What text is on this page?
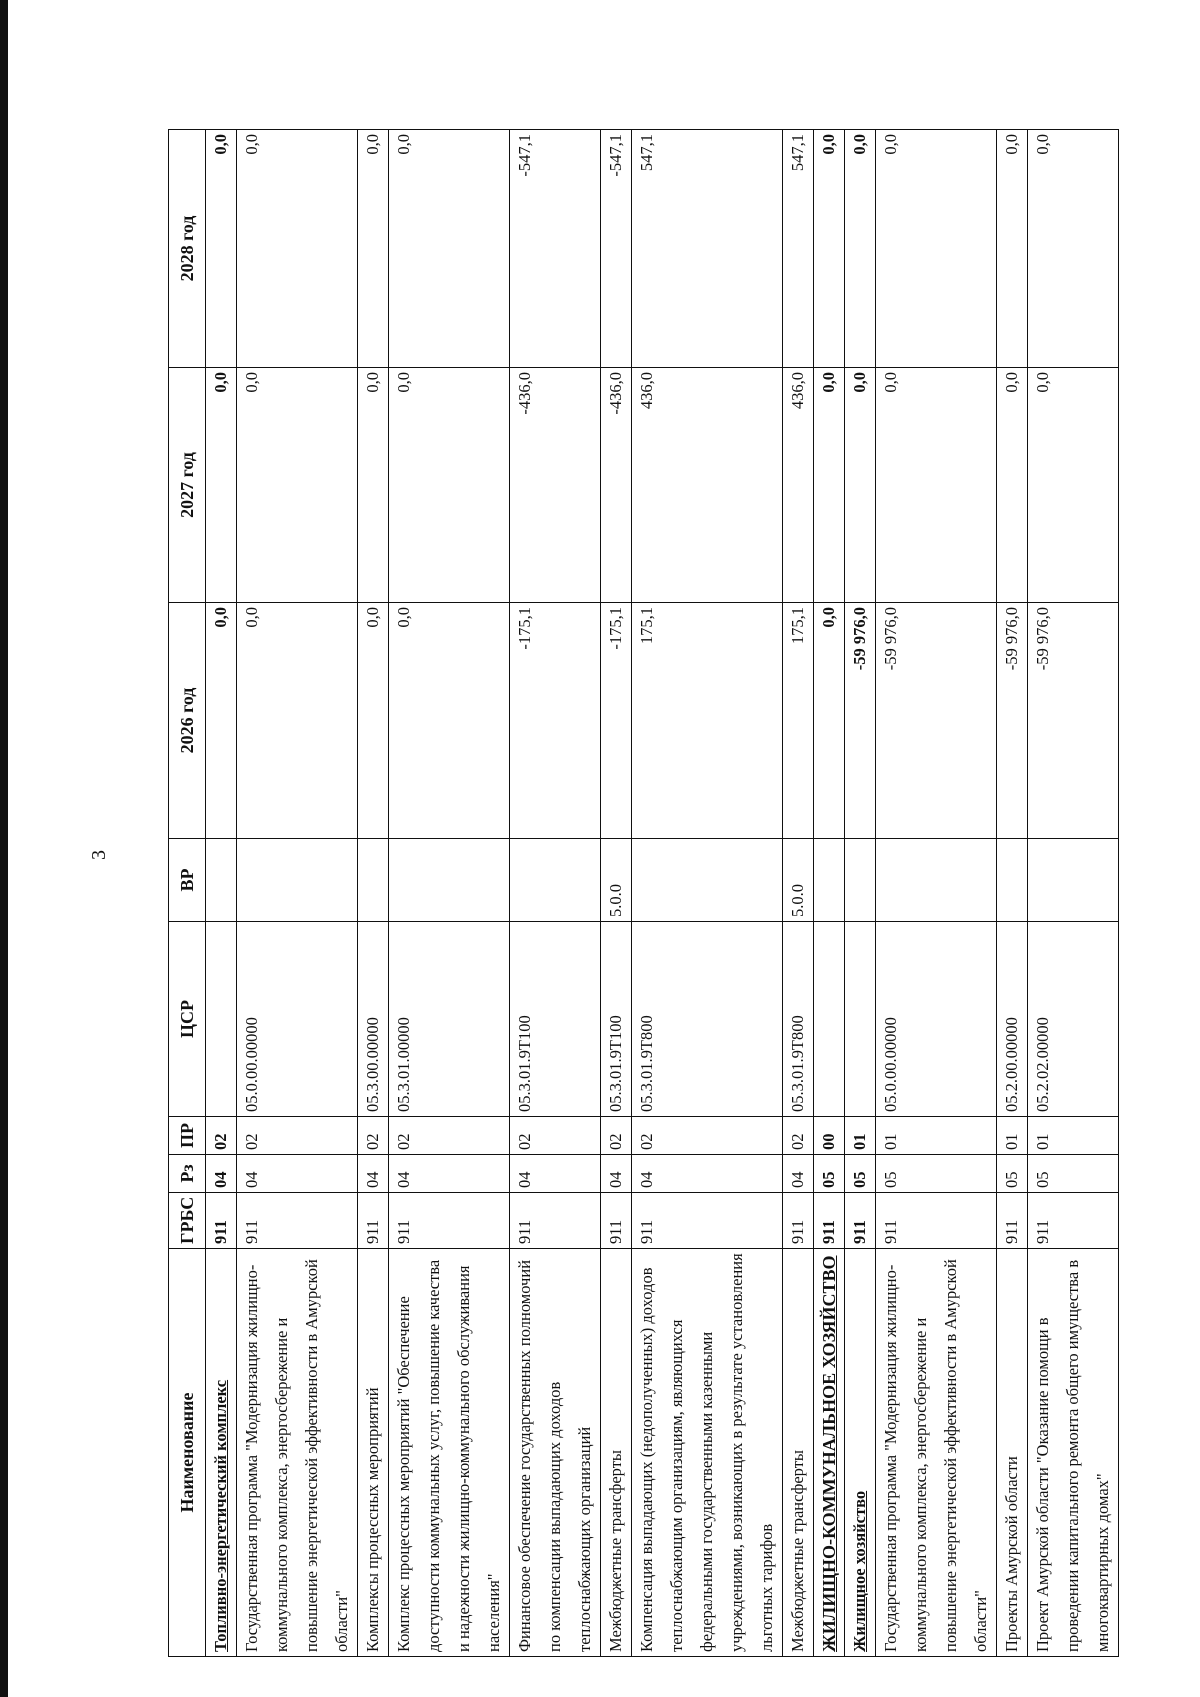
3
Наименование	ГРБС	Рз	ПР	ЦСР	ВР	2026 год	2027 год	2028 год
Топливно-энергетический комплекс	911	04	02			0,0	0,0	0,0
Государственная программа "Модернизация жилищно-коммунального комплекса, энергосбережение и повышение энергетической эффективности в Амурской области"	911	04	02	05.0.00.00000		0,0	0,0	0,0
Комплексы процессных мероприятий	911	04	02	05.3.00.00000		0,0	0,0	0,0
Комплекс процессных мероприятий "Обеспечение доступности коммунальных услуг, повышение качества и надежности жилищно-коммунального обслуживания населения"	911	04	02	05.3.01.00000		0,0	0,0	0,0
Финансовое обеспечение государственных полномочий по компенсации выпадающих доходов теплоснабжающих организаций	911	04	02	05.3.01.9Т100		-175,1	-436,0	-547,1
Межбюджетные трансферты	911	04	02	05.3.01.9Т100	5.0.0	-175,1	-436,0	-547,1
Компенсация выпадающих (недополученных) доходов теплоснабжающим организациям, являющихся федеральными государственными казенными учреждениями, возникающих в результате установления льготных тарифов	911	04	02	05.3.01.9Т800		175,1	436,0	547,1
Межбюджетные трансферты	911	04	02	05.3.01.9Т800	5.0.0	175,1	436,0	547,1
ЖИЛИЩНО-КОММУНАЛЬНОЕ ХОЗЯЙСТВО	911	05	00			0,0	0,0	0,0
Жилищное хозяйство	911	05	01			-59 976,0	0,0	0,0
Государственная программа "Модернизация жилищно-коммунального комплекса, энергосбережение и повышение энергетической эффективности в Амурской области"	911	05	01	05.0.00.00000		-59 976,0	0,0	0,0
Проекты Амурской области	911	05	01	05.2.00.00000		-59 976,0	0,0	0,0
Проект Амурской области "Оказание помощи в проведении капитального ремонта общего имущества в многоквартирных домах"	911	05	01	05.2.02.00000		-59 976,0	0,0	0,0
